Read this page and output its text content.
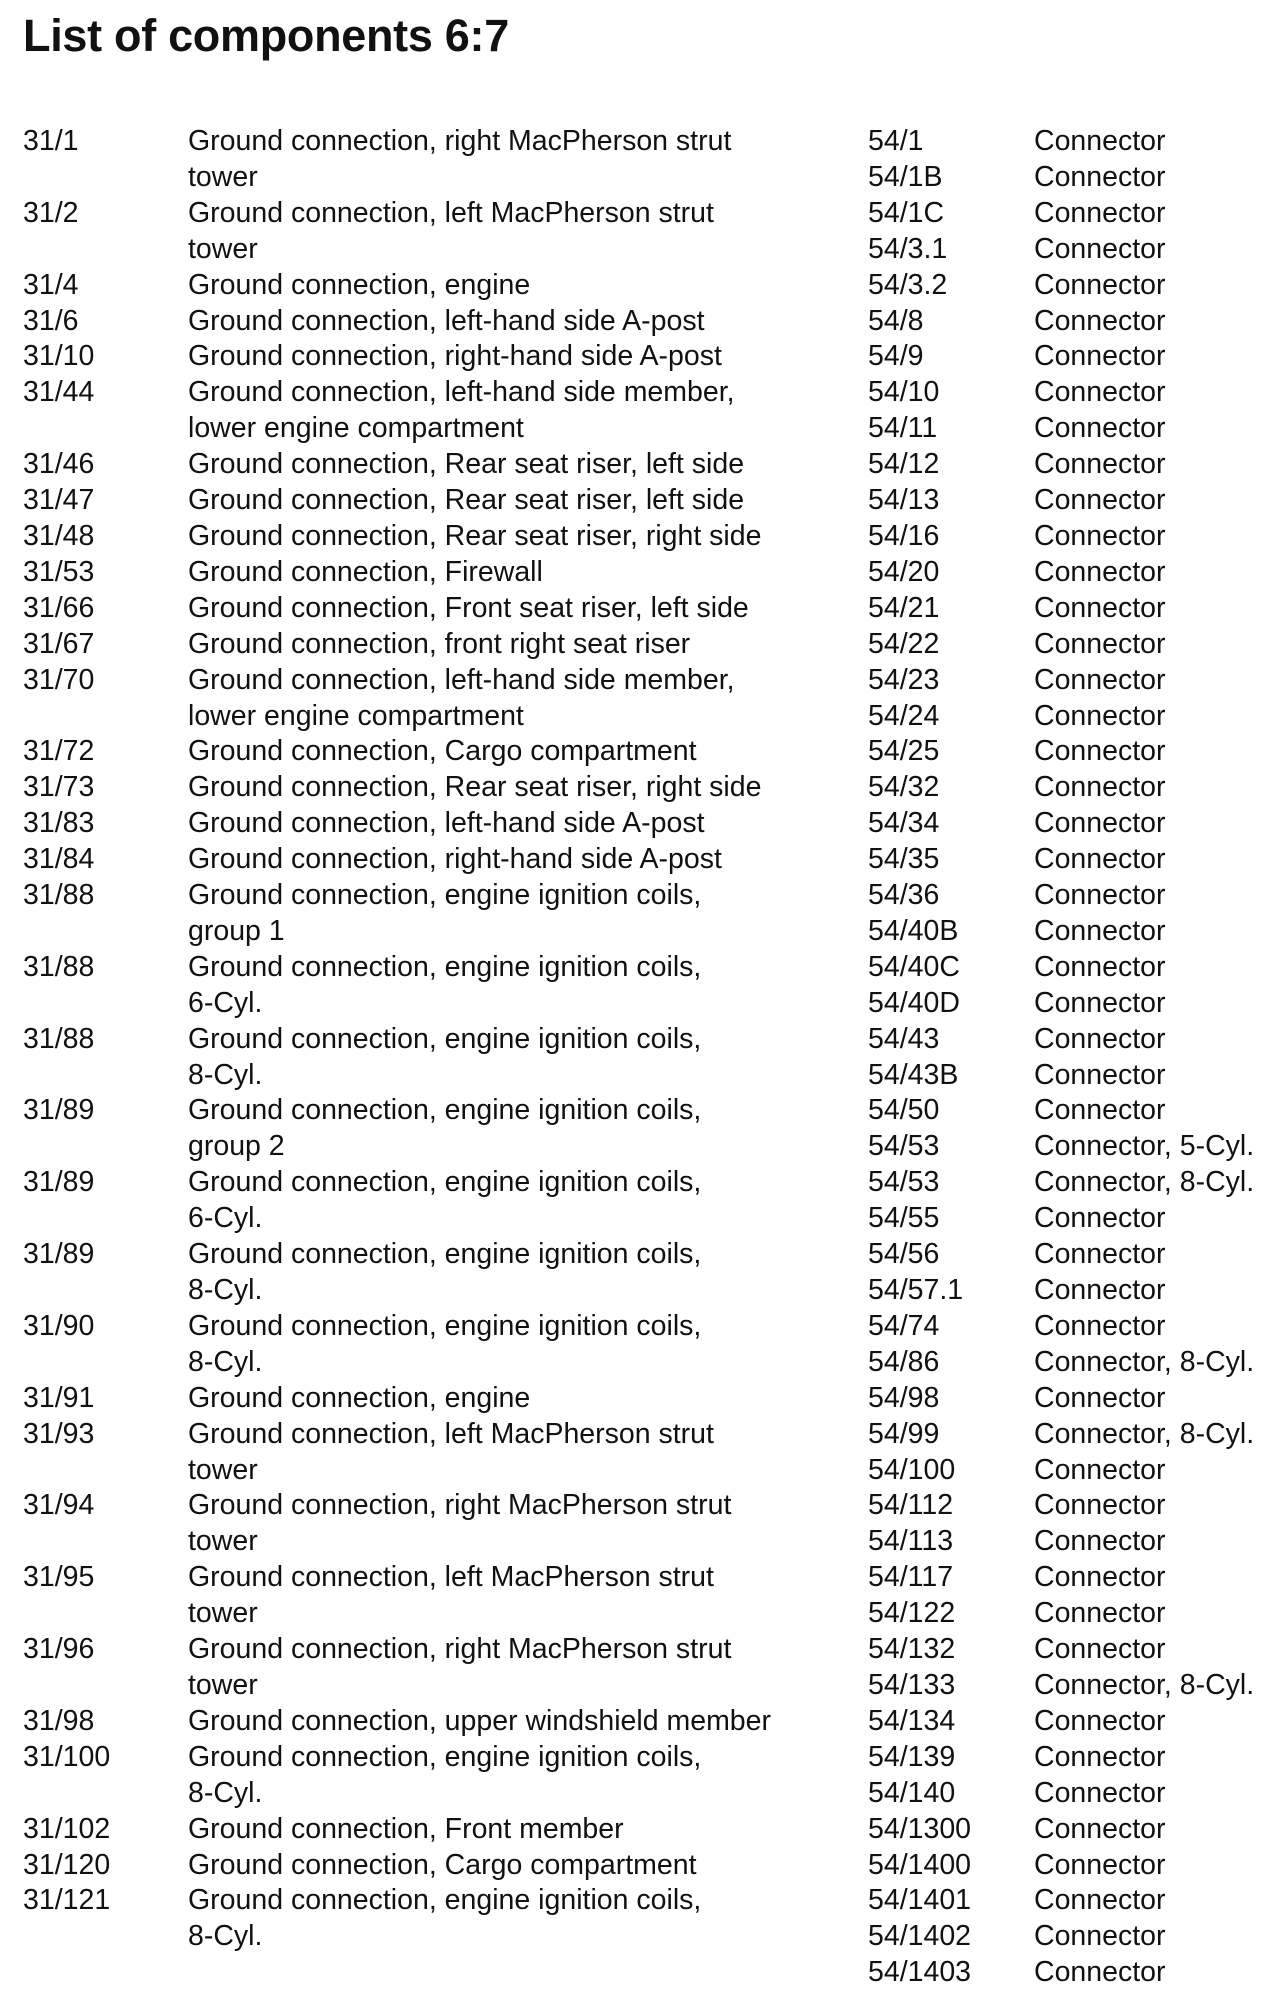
List of components 6:7
31/1	Ground connection, right MacPherson strut
tower
31/2	Ground connection, left MacPherson strut
tower
31/4	Ground connection, engine
31/6	Ground connection, left-hand side A-post
31/10	Ground connection, right-hand side A-post
31/44	Ground connection, left-hand side member,
lower engine compartment
31/46	Ground connection, Rear seat riser, left side
31/47	Ground connection, Rear seat riser, left side
31/48	Ground connection, Rear seat riser, right side
31/53	Ground connection, Firewall
31/66	Ground connection, Front seat riser, left side
31/67	Ground connection, front right seat riser
31/70	Ground connection, left-hand side member,
lower engine compartment
31/72	Ground connection, Cargo compartment
31/73	Ground connection, Rear seat riser, right side
31/83	Ground connection, left-hand side A-post
31/84	Ground connection, right-hand side A-post
31/88	Ground connection, engine ignition coils,
group 1
31/88	Ground connection, engine ignition coils,
6-Cyl.
31/88	Ground connection, engine ignition coils,
8-Cyl.
31/89	Ground connection, engine ignition coils,
group 2
31/89	Ground connection, engine ignition coils,
6-Cyl.
31/89	Ground connection, engine ignition coils,
8-Cyl.
31/90	Ground connection, engine ignition coils,
8-Cyl.
31/91	Ground connection, engine
31/93	Ground connection, left MacPherson strut
tower
31/94	Ground connection, right MacPherson strut
tower
31/95	Ground connection, left MacPherson strut
tower
31/96	Ground connection, right MacPherson strut
tower
31/98	Ground connection, upper windshield member
31/100	Ground connection, engine ignition coils,
8-Cyl.
31/102	Ground connection, Front member
31/120	Ground connection, Cargo compartment
31/121	Ground connection, engine ignition coils,
8-Cyl.
54/1	Connector
54/1B	Connector
54/1C	Connector
54/3.1	Connector
54/3.2	Connector
54/8	Connector
54/9	Connector
54/10	Connector
54/11	Connector
54/12	Connector
54/13	Connector
54/16	Connector
54/20	Connector
54/21	Connector
54/22	Connector
54/23	Connector
54/24	Connector
54/25	Connector
54/32	Connector
54/34	Connector
54/35	Connector
54/36	Connector
54/40B	Connector
54/40C	Connector
54/40D	Connector
54/43	Connector
54/43B	Connector
54/50	Connector
54/53	Connector, 5-Cyl.
54/53	Connector, 8-Cyl.
54/55	Connector
54/56	Connector
54/57.1	Connector
54/74	Connector
54/86	Connector, 8-Cyl.
54/98	Connector
54/99	Connector, 8-Cyl.
54/100	Connector
54/112	Connector
54/113	Connector
54/117	Connector
54/122	Connector
54/132	Connector
54/133	Connector, 8-Cyl.
54/134	Connector
54/139	Connector
54/140	Connector
54/1300	Connector
54/1400	Connector
54/1401	Connector
54/1402	Connector
54/1403	Connector
